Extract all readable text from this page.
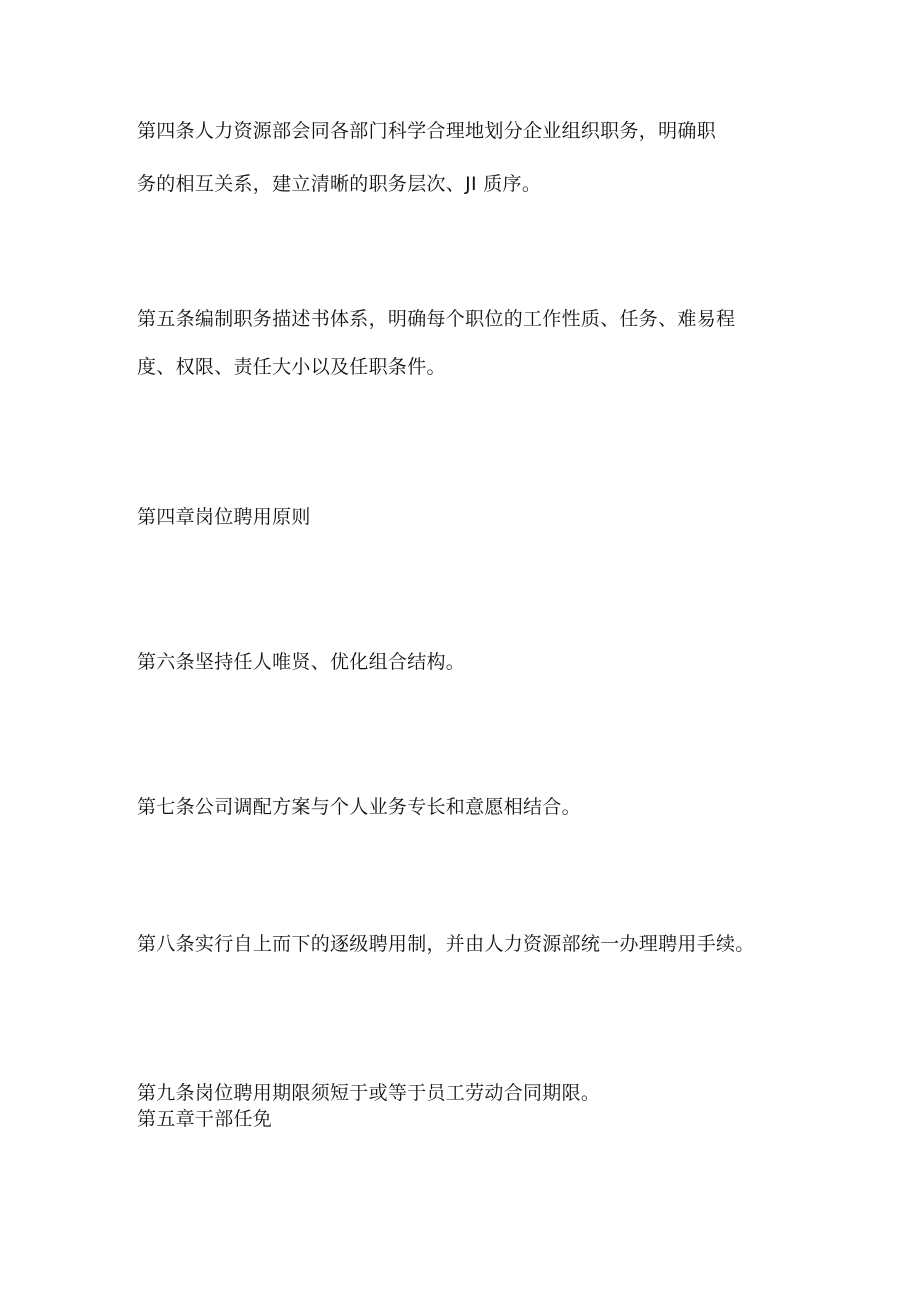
第四条人力资源部会同各部门科学合理地划分企业组织职务，明确职
务的相互关系，建立清晰的职务层次、JI 质序。
第五条编制职务描述书体系，明确每个职位的工作性质、任务、难易程
度、权限、责任大小以及任职条件。
第四章岗位聘用原则
第六条坚持任人唯贤、优化组合结构。
第七条公司调配方案与个人业务专长和意愿相结合。
第八条实行自上而下的逐级聘用制，并由人力资源部统一办理聘用手续。
第九条岗位聘用期限须短于或等于员工劳动合同期限。
第五章干部任免
